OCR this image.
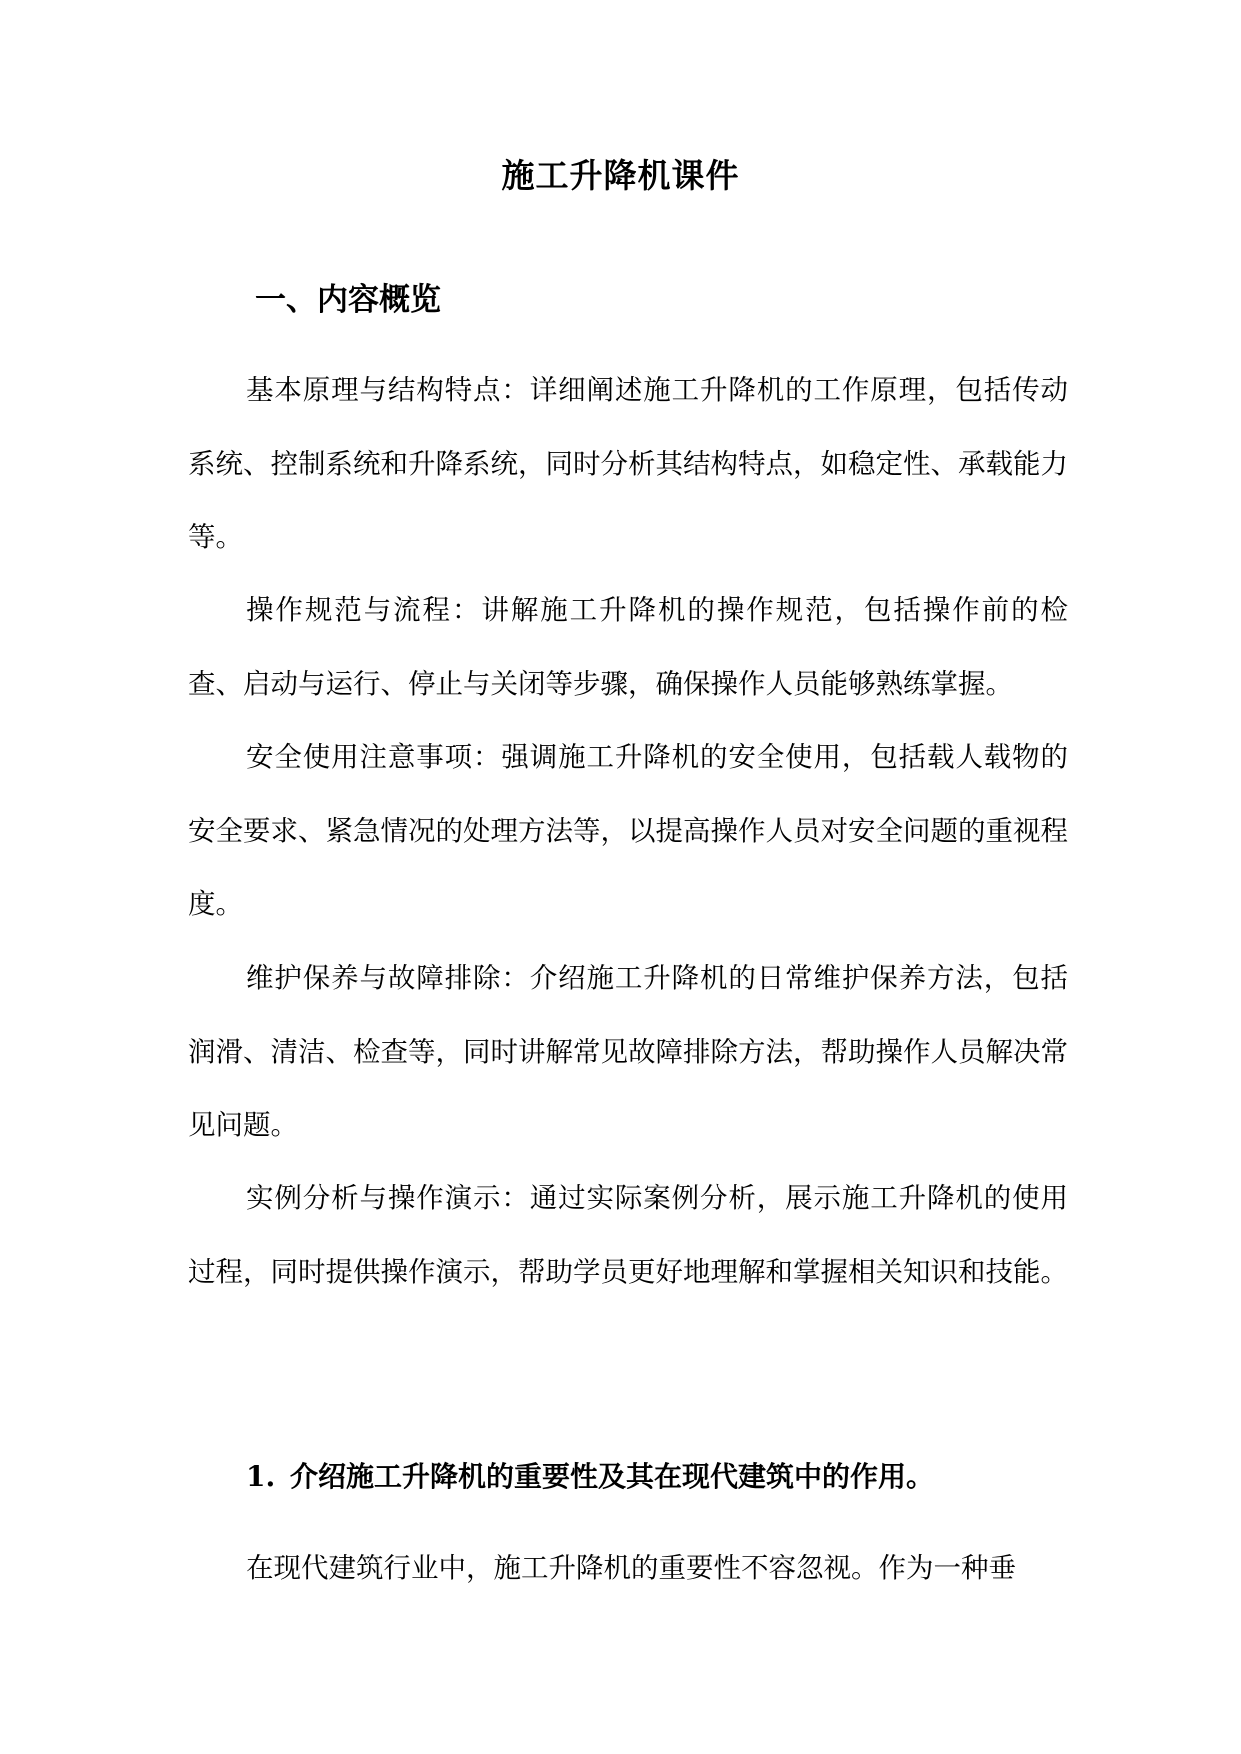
施工升降机课件
一、内容概览

基本原理与结构特点：详细阐述施工升降机的工作原理，包括传动系统、控制系统和升降系统，同时分析其结构特点，如稳定性、承载能力等。

操作规范与流程：讲解施工升降机的操作规范，包括操作前的检查、启动与运行、停止与关闭等步骤，确保操作人员能够熟练掌握。

安全使用注意事项：强调施工升降机的安全使用，包括载人载物的安全要求、紧急情况的处理方法等，以提高操作人员对安全问题的重视程度。

维护保养与故障排除：介绍施工升降机的日常维护保养方法，包括润滑、清洁、检查等，同时讲解常见故障排除方法，帮助操作人员解决常见问题。

实例分析与操作演示：通过实际案例分析，展示施工升降机的使用过程，同时提供操作演示，帮助学员更好地理解和掌握相关知识和技能。

1. 介绍施工升降机的重要性及其在现代建筑中的作用。

在现代建筑行业中，施工升降机的重要性不容忽视。作为一种垂
